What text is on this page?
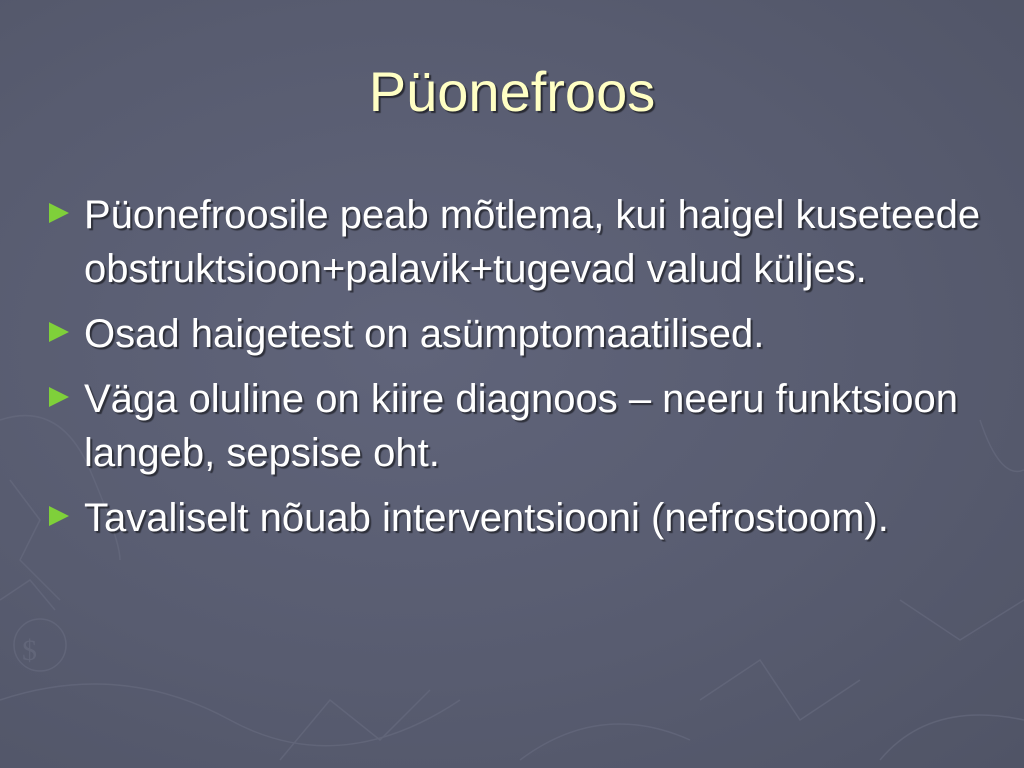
$
Püonefroos
Püonefroosile peab mõtlema, kui haigel kuseteede obstruktsioon+palavik+tugevad valud küljes.
Osad haigetest on asümptomaatilised.
Väga oluline on kiire diagnoos – neeru funktsioon langeb, sepsise oht.
Tavaliselt nõuab interventsiooni (nefrostoom).
